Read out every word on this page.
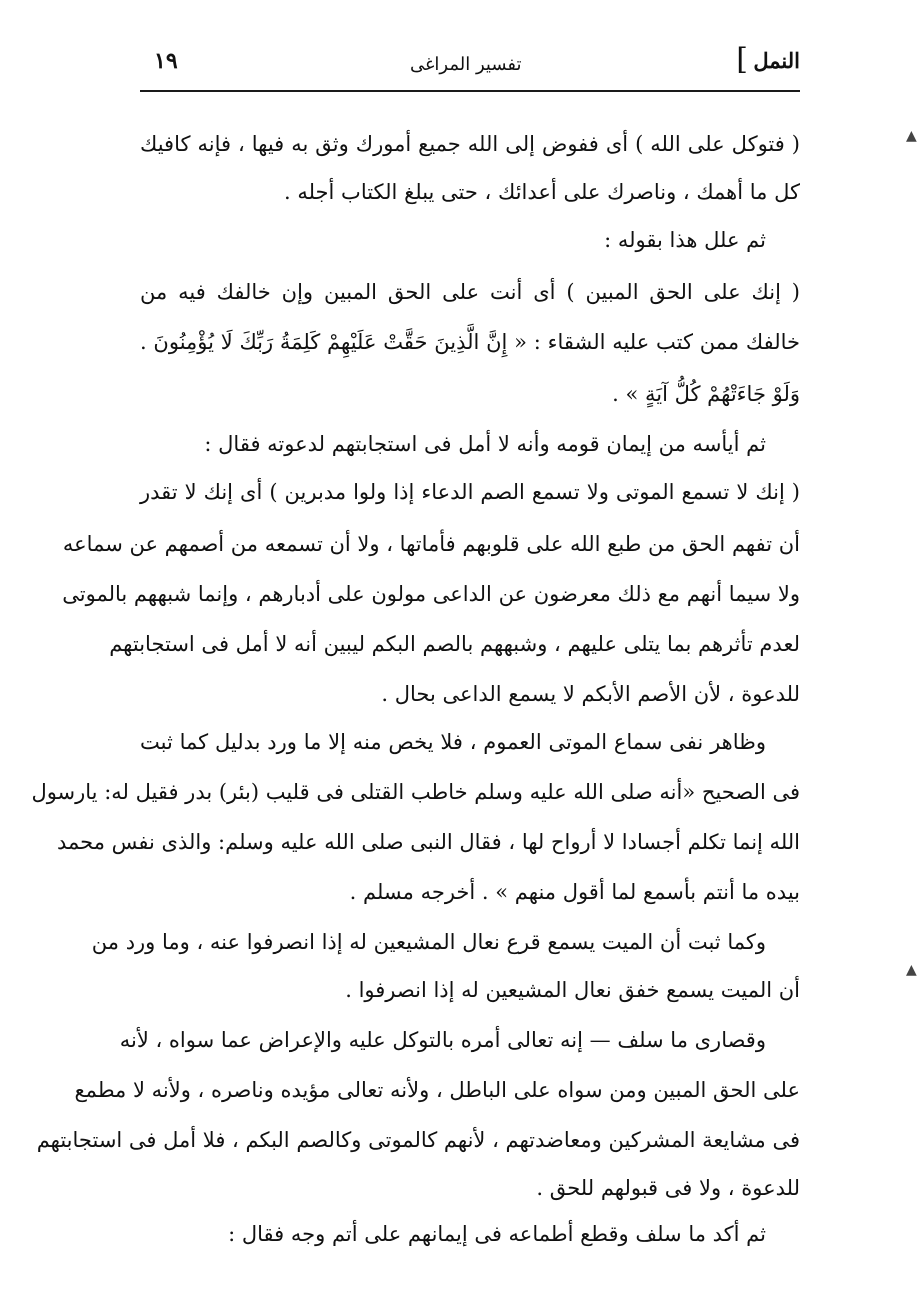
النمل
]
تفسير المراغى
١٩
▲
▲
( فتوكل على الله ) أى ففوض إلى الله جميع أمورك وثق به فيها ، فإنه كافيك
كل ما أهمك ، وناصرك على أعدائك ، حتى يبلغ الكتاب أجله .
ثم علل هذا بقوله :
( إنك على الحق المبين ) أى أنت على الحق المبين وإن خالفك فيه من
خالفك ممن كتب عليه الشقاء : « إِنَّ الَّذِينَ حَقَّتْ عَلَيْهِمْ كَلِمَةُ رَبِّكَ لَا يُؤْمِنُونَ .
وَلَوْ جَاءَتْهُمْ كُلُّ آيَةٍ » .
ثم أيأسه من إيمان قومه وأنه لا أمل فى استجابتهم لدعوته فقال :
( إنك لا تسمع الموتى ولا تسمع الصم الدعاء إذا ولوا مدبرين ) أى إنك لا تقدر
أن تفهم الحق من طبع الله على قلوبهم فأماتها ، ولا أن تسمعه من أصمهم عن سماعه
ولا سيما أنهم مع ذلك معرضون عن الداعى مولون على أدبارهم ، وإنما شبههم بالموتى
لعدم تأثرهم بما يتلى عليهم ، وشبههم بالصم البكم ليبين أنه لا أمل فى استجابتهم
للدعوة ، لأن الأصم الأبكم لا يسمع الداعى بحال .
وظاهر نفى سماع الموتى العموم ، فلا يخص منه إلا ما ورد بدليل كما ثبت
فى الصحيح «أنه صلى الله عليه وسلم خاطب القتلى فى قليب (بئر) بدر فقيل له: يارسول
الله إنما تكلم أجسادا لا أرواح لها ، فقال النبى صلى الله عليه وسلم: والذى نفس محمد
بيده ما أنتم بأسمع لما أقول منهم » . أخرجه مسلم .
وكما ثبت أن الميت يسمع قرع نعال المشيعين له إذا انصرفوا عنه ، وما ورد من
أن الميت يسمع خفق نعال المشيعين له إذا انصرفوا .
وقصارى ما سلف — إنه تعالى أمره بالتوكل عليه والإعراض عما سواه ، لأنه
على الحق المبين ومن سواه على الباطل ، ولأنه تعالى مؤيده وناصره ، ولأنه لا مطمع
فى مشايعة المشركين ومعاضدتهم ، لأنهم كالموتى وكالصم البكم ، فلا أمل فى استجابتهم
للدعوة ، ولا فى قبولهم للحق .
ثم أكد ما سلف وقطع أطماعه فى إيمانهم على أتم وجه فقال :
